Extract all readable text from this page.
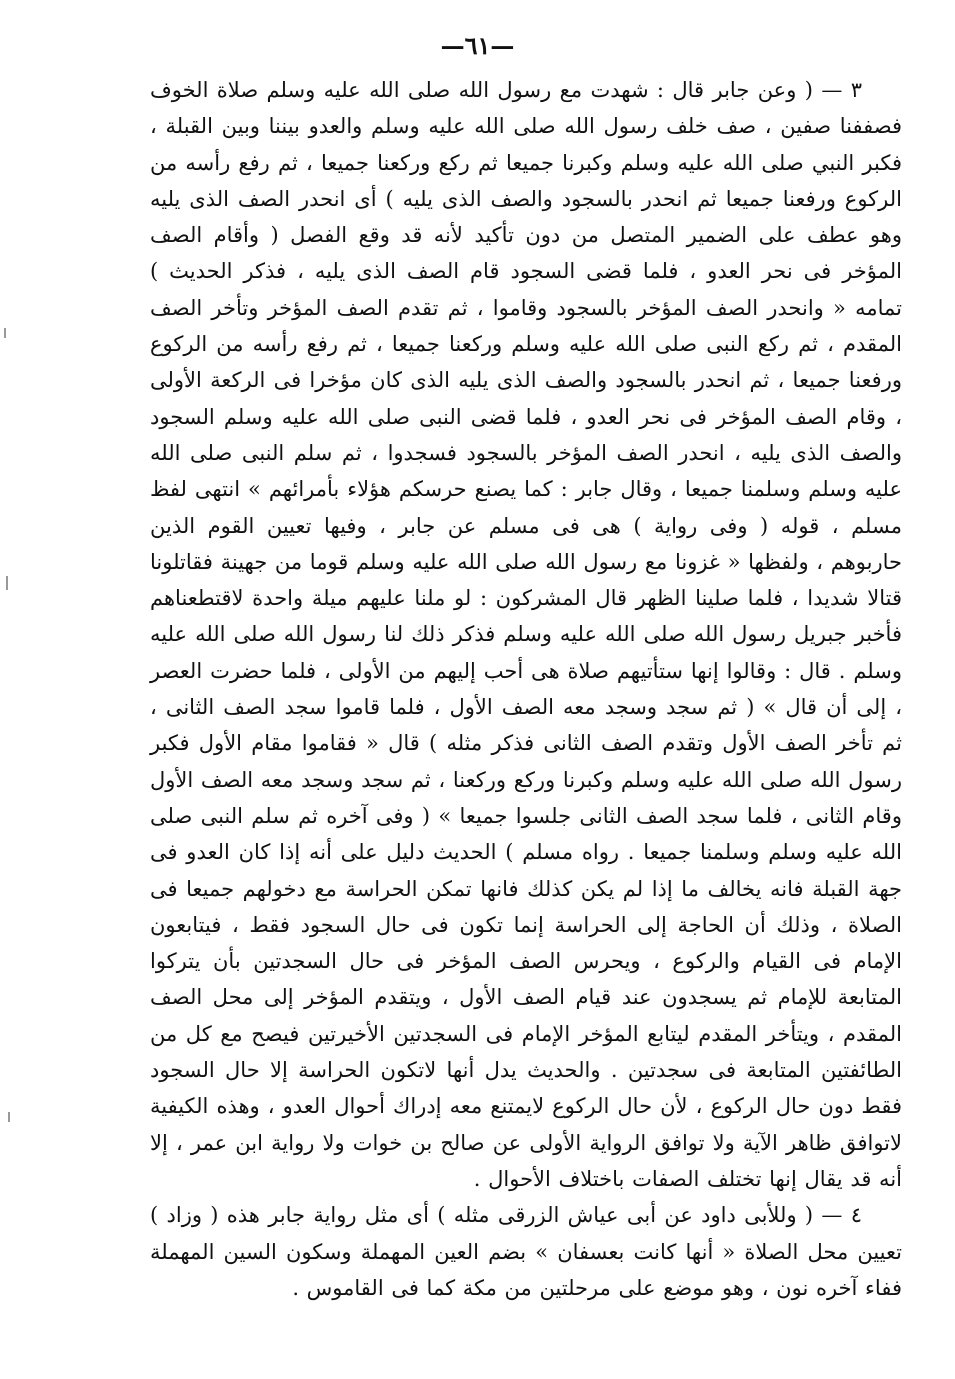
—٦١—

٣ — ( وعن جابر قال : شهدت مع رسول الله صلى الله عليه وسلم صلاة الخوف فصففنا صفين ، صف خلف رسول الله صلى الله عليه وسلم والعدو بيننا وبين القبلة ، فكبر النبي صلى الله عليه وسلم وكبرنا جميعا ثم ركع وركعنا جميعا ، ثم رفع رأسه من الركوع ورفعنا جميعا ثم انحدر بالسجود والصف الذى يليه ) أى انحدر الصف الذى يليه وهو عطف على الضمير المتصل من دون تأكيد لأنه قد وقع الفصل ( وأقام الصف المؤخر فى نحر العدو ، فلما قضى السجود قام الصف الذى يليه ، فذكر الحديث ) تمامه « وانحدر الصف المؤخر بالسجود وقاموا ، ثم تقدم الصف المؤخر وتأخر الصف المقدم ، ثم ركع النبى صلى الله عليه وسلم وركعنا جميعا ، ثم رفع رأسه من الركوع ورفعنا جميعا ، ثم انحدر بالسجود والصف الذى يليه الذى كان مؤخرا فى الركعة الأولى ، وقام الصف المؤخر فى نحر العدو ، فلما قضى النبى صلى الله عليه وسلم السجود والصف الذى يليه ، انحدر الصف المؤخر بالسجود فسجدوا ، ثم سلم النبى صلى الله عليه وسلم وسلمنا جميعا ، وقال جابر : كما يصنع حرسكم هؤلاء بأمرائهم » انتهى لفظ مسلم ، قوله ( وفى رواية ) هى فى مسلم عن جابر ، وفيها تعيين القوم الذين حاربوهم ، ولفظها « غزونا مع رسول الله صلى الله عليه وسلم قوما من جهينة فقاتلونا قتالا شديدا ، فلما صلينا الظهر قال المشركون : لو ملنا عليهم ميلة واحدة لاقتطعناهم فأخبر جبريل رسول الله صلى الله عليه وسلم فذكر ذلك لنا رسول الله صلى الله عليه وسلم . قال : وقالوا إنها ستأتيهم صلاة هى أحب إليهم من الأولى ، فلما حضرت العصر ، إلى أن قال » ( ثم سجد وسجد معه الصف الأول ، فلما قاموا سجد الصف الثانى ، ثم تأخر الصف الأول وتقدم الصف الثانى فذكر مثله ) قال « فقاموا مقام الأول فكبر رسول الله صلى الله عليه وسلم وكبرنا وركع وركعنا ، ثم سجد وسجد معه الصف الأول وقام الثانى ، فلما سجد الصف الثانى جلسوا جميعا » ( وفى آخره ثم سلم النبى صلى الله عليه وسلم وسلمنا جميعا . رواه مسلم ) الحديث دليل على أنه إذا كان العدو فى جهة القبلة فانه يخالف ما إذا لم يكن كذلك فانها تمكن الحراسة مع دخولهم جميعا فى الصلاة ، وذلك أن الحاجة إلى الحراسة إنما تكون فى حال السجود فقط ، فيتابعون الإمام فى القيام والركوع ، ويحرس الصف المؤخر فى حال السجدتين بأن يتركوا المتابعة للإمام ثم يسجدون عند قيام الصف الأول ، ويتقدم المؤخر إلى محل الصف المقدم ، ويتأخر المقدم ليتابع المؤخر الإمام فى السجدتين الأخيرتين فيصح مع كل من الطائفتين المتابعة فى سجدتين . والحديث يدل أنها لاتكون الحراسة إلا حال السجود فقط دون حال الركوع ، لأن حال الركوع لايمتنع معه إدراك أحوال العدو ، وهذه الكيفية لاتوافق ظاهر الآية ولا توافق الرواية الأولى عن صالح بن خوات ولا رواية ابن عمر ، إلا أنه قد يقال إنها تختلف الصفات باختلاف الأحوال .

٤ — ( وللأبى داود عن أبى عياش الزرقى مثله ) أى مثل رواية جابر هذه ( وزاد ) تعيين محل الصلاة « أنها كانت بعسفان » بضم العين المهملة وسكون السين المهملة ففاء آخره نون ، وهو موضع على مرحلتين من مكة كما فى القاموس .
